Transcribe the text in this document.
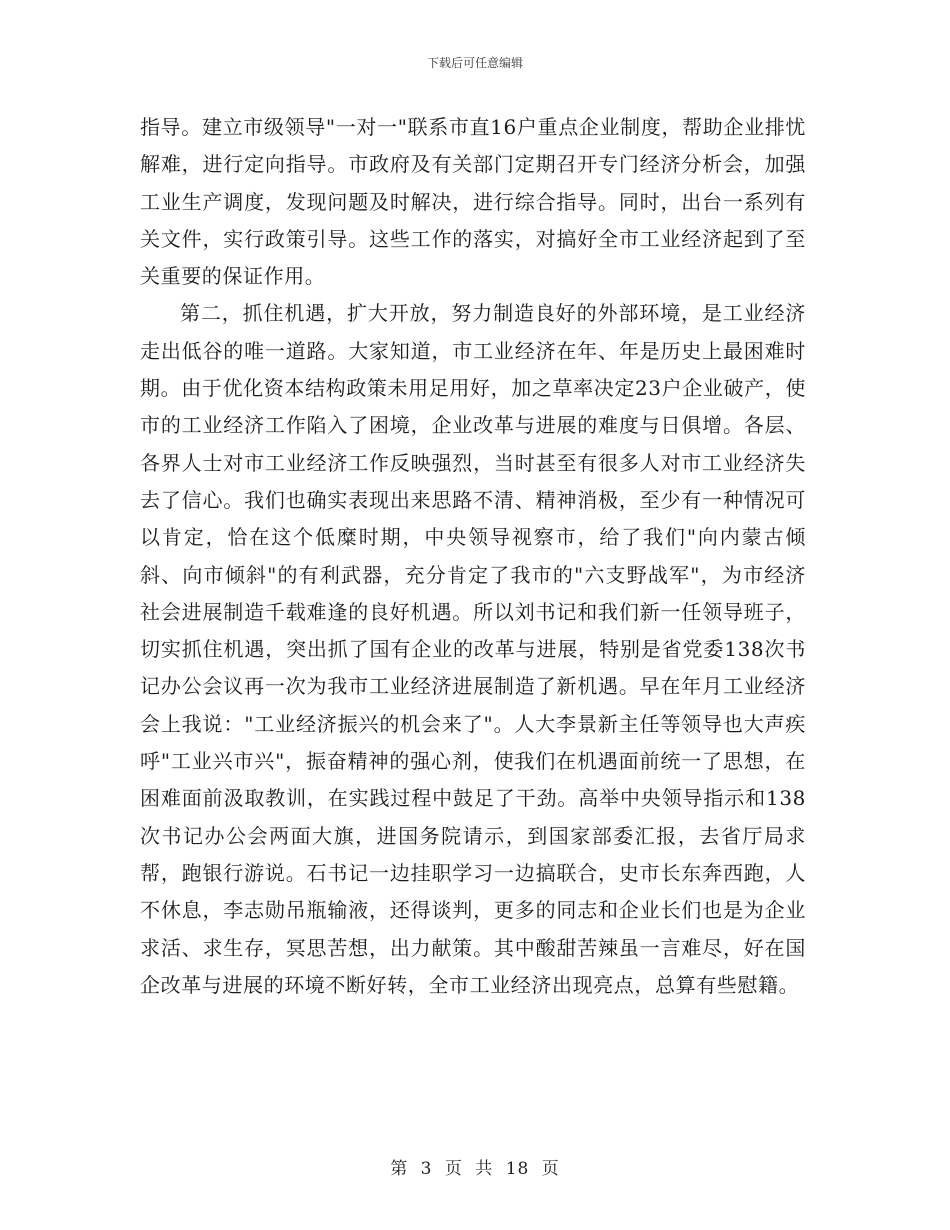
下载后可任意编辑

指导。建立市级领导"一对一"联系市直16户重点企业制度，帮助企业排忧解难，进行定向指导。市政府及有关部门定期召开专门经济分析会，加强工业生产调度，发现问题及时解决，进行综合指导。同时，出台一系列有关文件，实行政策引导。这些工作的落实，对搞好全市工业经济起到了至关重要的保证作用。

第二，抓住机遇，扩大开放，努力制造良好的外部环境，是工业经济走出低谷的唯一道路。大家知道，市工业经济在年、年是历史上最困难时期。由于优化资本结构政策未用足用好，加之草率决定23户企业破产，使市的工业经济工作陷入了困境，企业改革与进展的难度与日俱增。各层、各界人士对市工业经济工作反映强烈，当时甚至有很多人对市工业经济失去了信心。我们也确实表现出来思路不清、精神消极，至少有一种情况可以肯定，恰在这个低糜时期，中央领导视察市，给了我们"向内蒙古倾斜、向市倾斜"的有利武器，充分肯定了我市的"六支野战军"，为市经济社会进展制造千载难逢的良好机遇。所以刘书记和我们新一任领导班子，切实抓住机遇，突出抓了国有企业的改革与进展，特别是省党委138次书记办公会议再一次为我市工业经济进展制造了新机遇。早在年月工业经济会上我说："工业经济振兴的机会来了"。人大李景新主任等领导也大声疾呼"工业兴市兴"，振奋精神的强心剂，使我们在机遇面前统一了思想，在困难面前汲取教训，在实践过程中鼓足了干劲。高举中央领导指示和138次书记办公会两面大旗，进国务院请示，到国家部委汇报，去省厅局求帮，跑银行游说。石书记一边挂职学习一边搞联合，史市长东奔西跑，人不休息，李志勋吊瓶输液，还得谈判，更多的同志和企业长们也是为企业求活、求生存，冥思苦想，出力献策。其中酸甜苦辣虽一言难尽，好在国企改革与进展的环境不断好转，全市工业经济出现亮点，总算有些慰籍。

第 3 页 共 18 页
